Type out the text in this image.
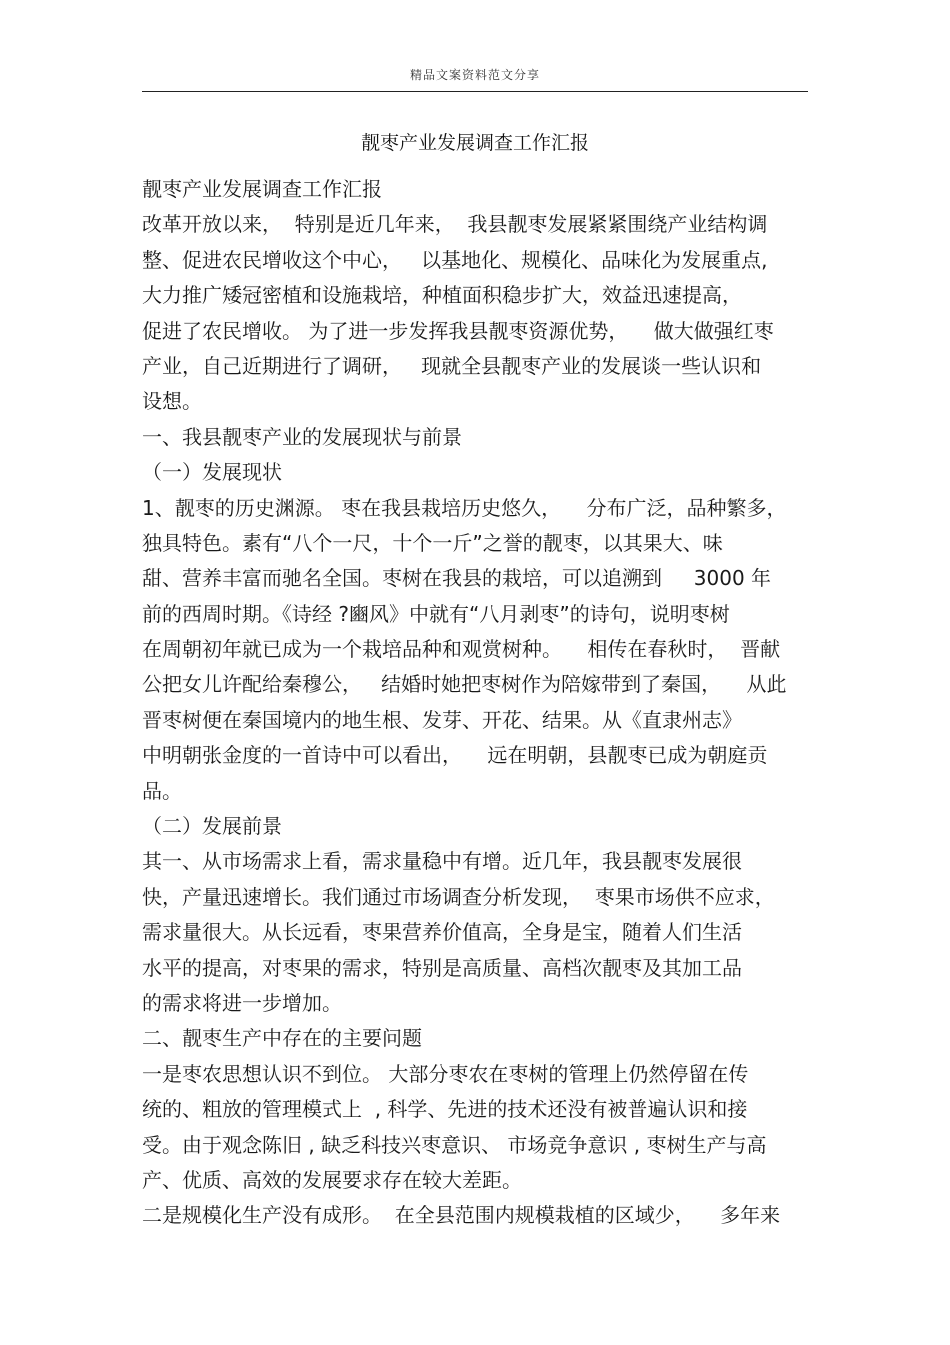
精品文案资料范文分享
靓枣产业发展调查工作汇报
靓枣产业发展调查工作汇报
改革开放以来，  特别是近几年来，  我县靓枣发展紧紧围绕产业结构调
整、促进农民增收这个中心，   以基地化、规模化、品味化为发展重点,
大力推广矮冠密植和设施栽培，种植面积稳步扩大，效益迅速提高，
促进了农民增收。 为了进一步发挥我县靓枣资源优势，    做大做强红枣
产业，自己近期进行了调研，   现就全县靓枣产业的发展谈一些认识和
设想。
一、我县靓枣产业的发展现状与前景
（一）发展现状
1、靓枣的历史渊源。 枣在我县栽培历史悠久，    分布广泛，品种繁多，
独具特色。素有“八个一尺，十个一斤”之誉的靓枣，以其果大、味
甜、营养丰富而驰名全国。枣树在我县的栽培，可以追溯到     3000 年
前的西周时期。《诗经 ?豳风》中就有“八月剥枣”的诗句，说明枣树
在周朝初年就已成为一个栽培品种和观赏树种。    相传在春秋时，  晋献
公把女儿许配给秦穆公，   结婚时她把枣树作为陪嫁带到了秦国，    从此
晋枣树便在秦国境内的地生根、发芽、开花、结果。从《直隶州志》
中明朝张金度的一首诗中可以看出，    远在明朝，县靓枣已成为朝庭贡
品。
（二）发展前景
其一、从市场需求上看，需求量稳中有增。近几年，我县靓枣发展很
快，产量迅速增长。我们通过市场调查分析发现，  枣果市场供不应求，
需求量很大。从长远看，枣果营养价值高，全身是宝，随着人们生活
水平的提高，对枣果的需求，特别是高质量、高档次靓枣及其加工品
的需求将进一步增加。
二、靓枣生产中存在的主要问题
一是枣农思想认识不到位。 大部分枣农在枣树的管理上仍然停留在传
统的、粗放的管理模式上  , 科学、先进的技术还没有被普遍认识和接
受。由于观念陈旧 , 缺乏科技兴枣意识、 市场竞争意识 , 枣树生产与高
产、优质、高效的发展要求存在较大差距。
二是规模化生产没有成形。  在全县范围内规模栽植的区域少，    多年来
